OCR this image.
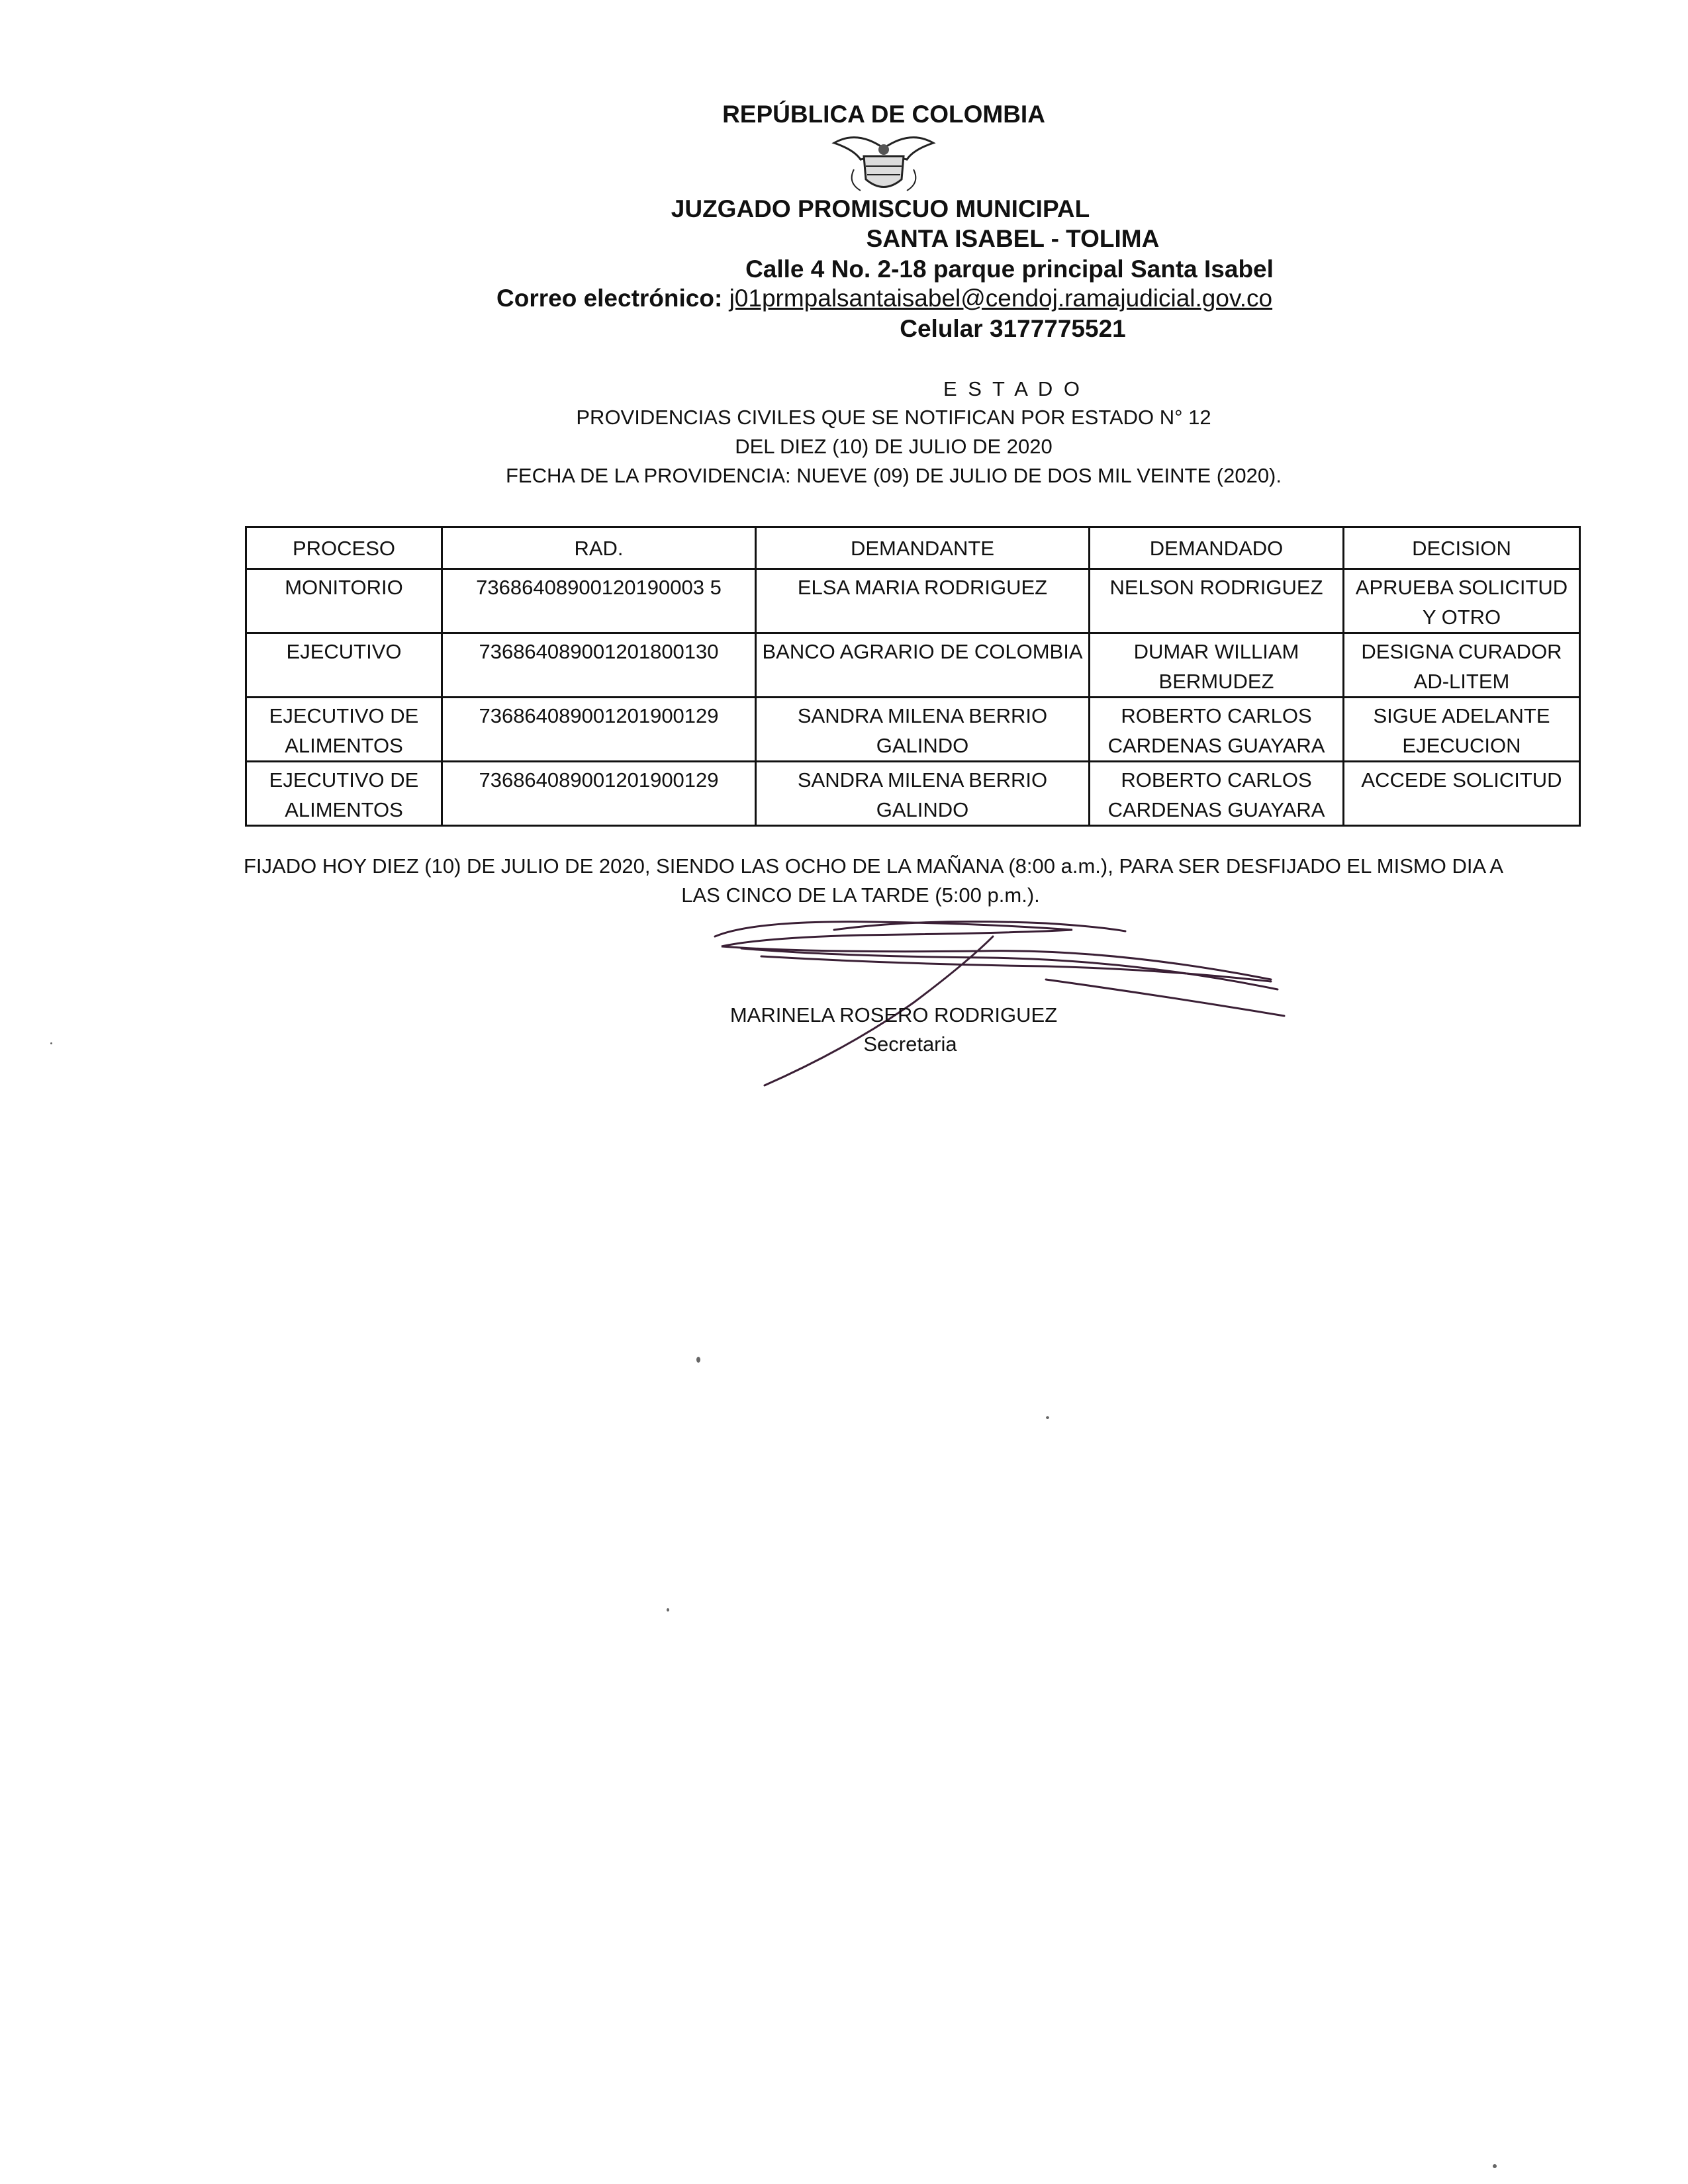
REPÚBLICA DE COLOMBIA
JUZGADO PROMISCUO MUNICIPAL
SANTA ISABEL - TOLIMA
Calle 4 No. 2-18 parque principal Santa Isabel
Correo electrónico: j01prmpalsantaisabel@cendoj.ramajudicial.gov.co
Celular 3177775521
E S T A D O
PROVIDENCIAS CIVILES QUE SE NOTIFICAN POR ESTADO N° 12
DEL DIEZ (10) DE JULIO DE 2020
FECHA DE LA PROVIDENCIA: NUEVE (09) DE JULIO DE DOS MIL VEINTE (2020).
PROCESO	RAD.	DEMANDANTE	DEMANDADO	DECISION
MONITORIO	73686408900120190003 5	ELSA MARIA RODRIGUEZ	NELSON RODRIGUEZ	APRUEBA SOLICITUD Y OTRO
EJECUTIVO	736864089001201800130	BANCO AGRARIO DE COLOMBIA	DUMAR WILLIAM BERMUDEZ	DESIGNA CURADOR AD-LITEM
EJECUTIVO DE ALIMENTOS	736864089001201900129	SANDRA MILENA BERRIO GALINDO	ROBERTO CARLOS CARDENAS GUAYARA	SIGUE ADELANTE EJECUCION
EJECUTIVO DE ALIMENTOS	736864089001201900129	SANDRA MILENA BERRIO GALINDO	ROBERTO CARLOS CARDENAS GUAYARA	ACCEDE SOLICITUD
FIJADO HOY DIEZ (10) DE JULIO DE 2020, SIENDO LAS OCHO DE LA MAÑANA (8:00 a.m.), PARA SER DESFIJADO EL MISMO DIA A
LAS CINCO DE LA TARDE (5:00 p.m.).
MARINELA ROSERO RODRIGUEZ
Secretaria
